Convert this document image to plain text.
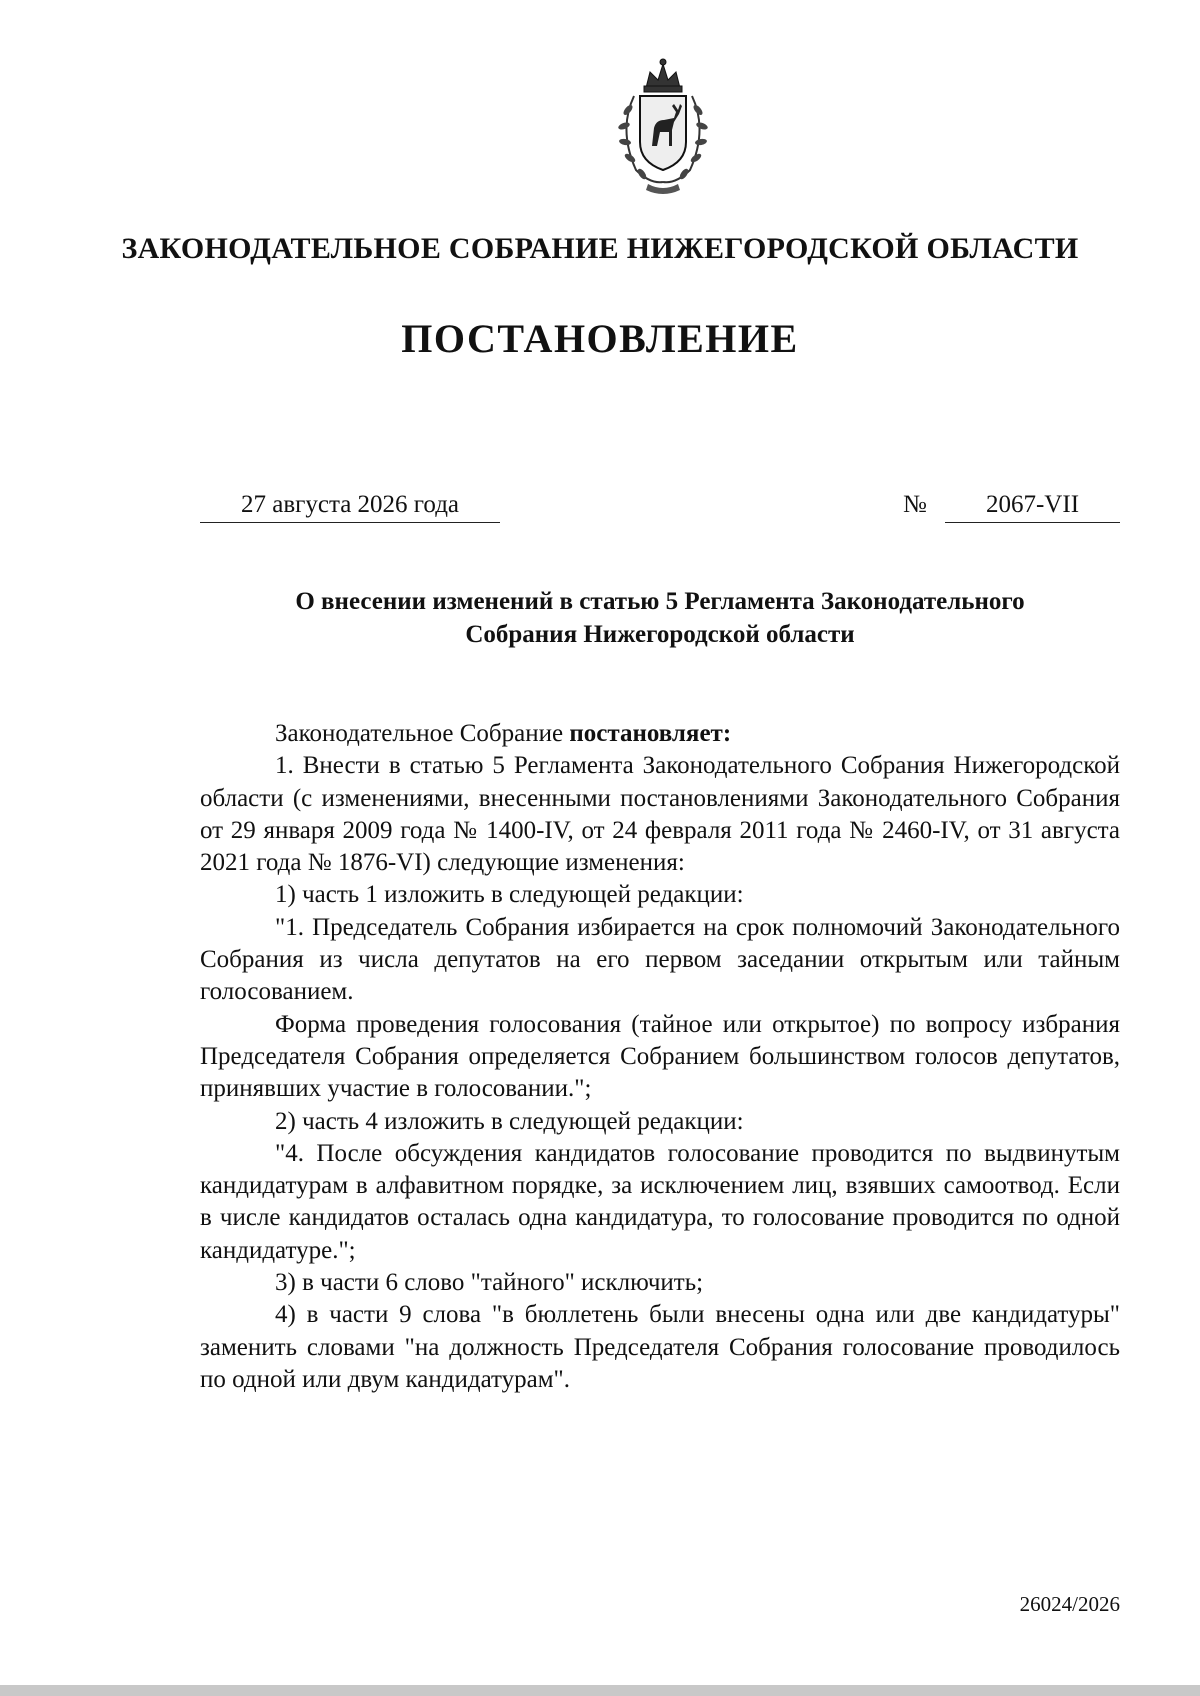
ЗАКОНОДАТЕЛЬНОЕ СОБРАНИЕ НИЖЕГОРОДСКОЙ ОБЛАСТИ
ПОСТАНОВЛЕНИЕ
27 августа 2026 года	№	2067-VII
О внесении изменений в статью 5 Регламента Законодательного
Собрания Нижегородской области

Законодательное Собрание постановляет:

1. Внести в статью 5 Регламента Законодательного Собрания Нижегородской области (с изменениями, внесенными постановлениями Законодательного Собрания от 29 января 2009 года № 1400-IV, от 24 февраля 2011 года № 2460-IV, от 31 августа 2021 года № 1876-VI) следующие изменения:

1) часть 1 изложить в следующей редакции:

"1. Председатель Собрания избирается на срок полномочий Законодательного Собрания из числа депутатов на его первом заседании открытым или тайным голосованием.

Форма проведения голосования (тайное или открытое) по вопросу избрания Председателя Собрания определяется Собранием большинством голосов депутатов, принявших участие в голосовании.";

2) часть 4 изложить в следующей редакции:

"4. После обсуждения кандидатов голосование проводится по выдвинутым кандидатурам в алфавитном порядке, за исключением лиц, взявших самоотвод. Если в числе кандидатов осталась одна кандидатура, то голосование проводится по одной кандидатуре.";

3) в части 6 слово "тайного" исключить;

4) в части 9 слова "в бюллетень были внесены одна или две кандидатуры" заменить словами "на должность Председателя Собрания голосование проводилось по одной или двум кандидатурам".

26024/2026
